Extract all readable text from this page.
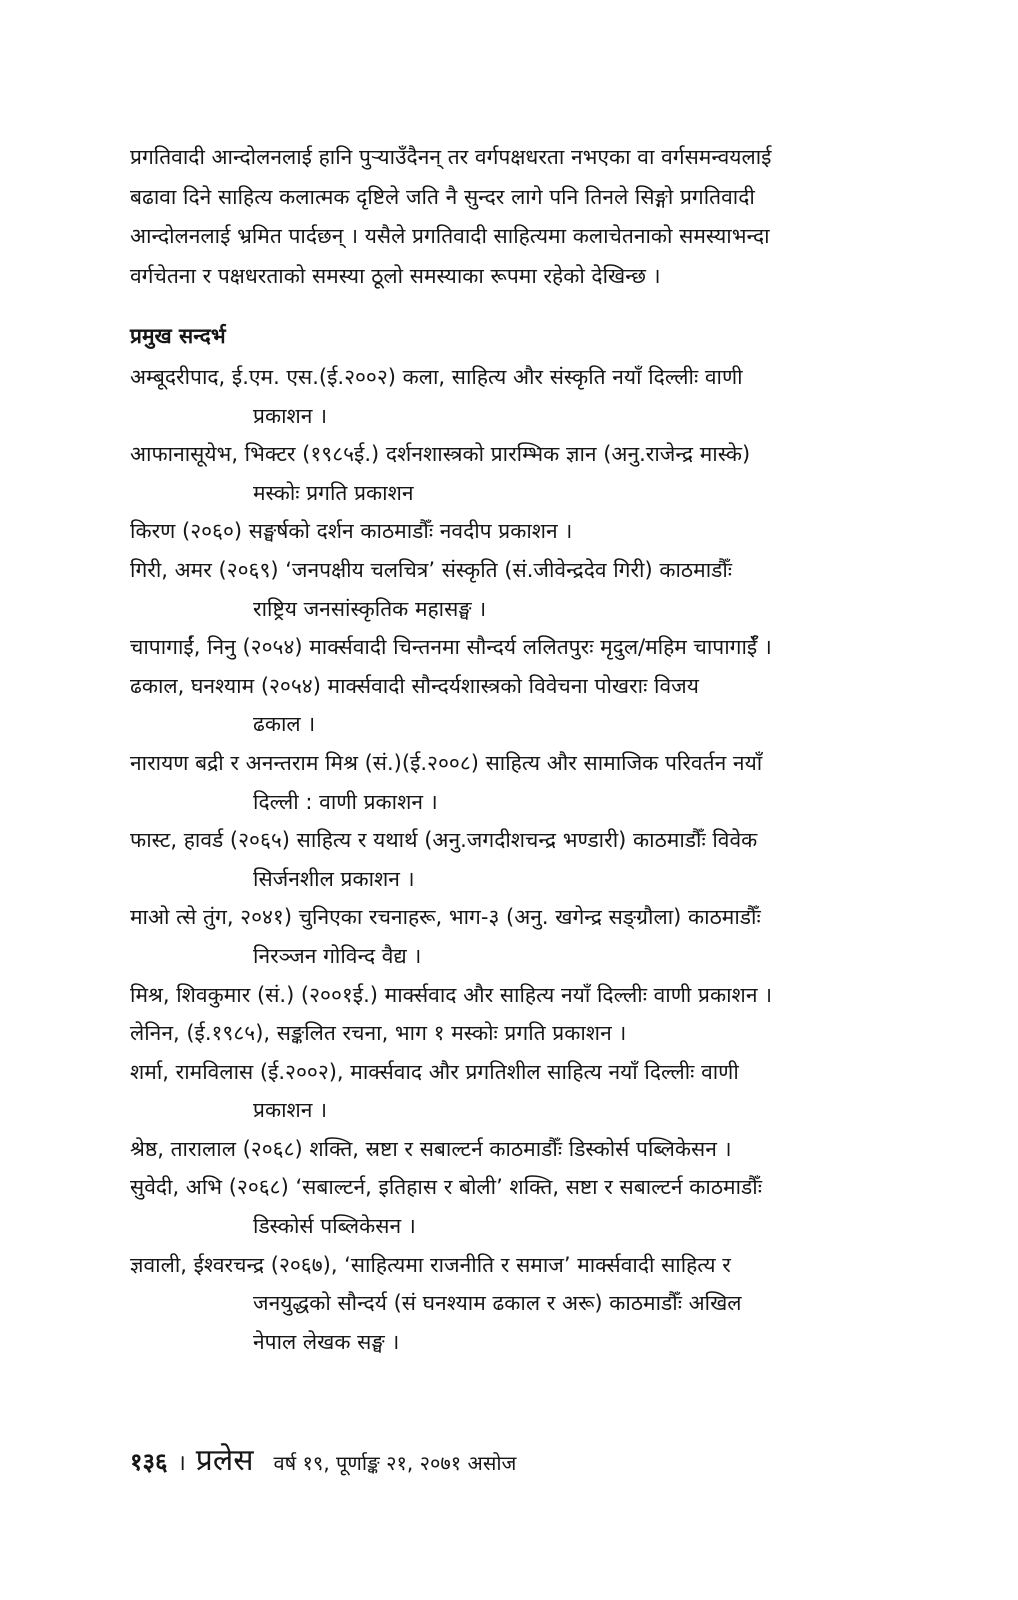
प्रगतिवादी आन्दोलनलाई हानि पुऱ्याउँदैनन् तर वर्गपक्षधरता नभएका वा वर्गसमन्वयलाई
बढावा दिने साहित्य कलात्मक दृष्टिले जति नै सुन्दर लागे पनि तिनले सिङ्गो प्रगतिवादी
आन्दोलनलाई भ्रमित पार्दछन् । यसैले प्रगतिवादी साहित्यमा कलाचेतनाको समस्याभन्दा
वर्गचेतना र पक्षधरताको समस्या ठूलो समस्याका रूपमा रहेको देखिन्छ ।
प्रमुख सन्दर्भ
अम्बूदरीपाद, ई.एम. एस.(ई.२००२) कला, साहित्य और संस्कृति नयाँ दिल्लीः वाणी
प्रकाशन ।
आफानासूयेभ, भिक्टर (१९८५ई.) दर्शनशास्त्रको प्रारम्भिक ज्ञान (अनु.राजेन्द्र मास्के)
मस्कोः प्रगति प्रकाशन
किरण (२०६०) सङ्घर्षको दर्शन काठमाडौँः नवदीप प्रकाशन ।
गिरी, अमर (२०६९) ‘जनपक्षीय चलचित्र’ संस्कृति (सं.जीवेन्द्रदेव गिरी) काठमाडौँः
राष्ट्रिय जनसांस्कृतिक महासङ्घ ।
चापागाईं, निनु (२०५४) मार्क्सवादी चिन्तनमा सौन्दर्य ललितपुरः मृदुल/महिम चापागाईँ ।
ढकाल, घनश्याम (२०५४) मार्क्सवादी सौन्दर्यशास्त्रको विवेचना पोखराः विजय
ढकाल ।
नारायण बद्री र अनन्तराम मिश्र (सं.)(ई.२००८) साहित्य और सामाजिक परिवर्तन नयाँ
दिल्ली : वाणी प्रकाशन ।
फास्ट, हावर्ड (२०६५) साहित्य र यथार्थ (अनु.जगदीशचन्द्र भण्डारी) काठमाडौँः विवेक
सिर्जनशील प्रकाशन ।
माओ त्से तुंग, २०४१) चुनिएका रचनाहरू, भाग-३ (अनु. खगेन्द्र सङ्ग्रौला) काठमाडौँः
निरञ्जन गोविन्द वैद्य ।
मिश्र, शिवकुमार (सं.) (२००१ई.) मार्क्सवाद और साहित्य नयाँ दिल्लीः वाणी प्रकाशन ।
लेनिन, (ई.१९८५), सङ्कलित रचना, भाग १ मस्कोः प्रगति प्रकाशन ।
शर्मा, रामविलास (ई.२००२), मार्क्सवाद और प्रगतिशील साहित्य नयाँ दिल्लीः वाणी
प्रकाशन ।
श्रेष्ठ, तारालाल (२०६८) शक्ति, स्रष्टा र सबाल्टर्न काठमाडौँः डिस्कोर्स पब्लिकेसन ।
सुवेदी, अभि (२०६८) ‘सबाल्टर्न, इतिहास र बोली’ शक्ति, सष्टा र सबाल्टर्न काठमाडौँः
डिस्कोर्स पब्लिकेसन ।
ज्ञवाली, ईश्वरचन्द्र (२०६७), ‘साहित्यमा राजनीति र समाज’ मार्क्सवादी साहित्य र
जनयुद्धको सौन्दर्य (सं घनश्याम ढकाल र अरू) काठमाडौँः अखिल
नेपाल लेखक सङ्घ ।
१३६ । प्रलेस वर्ष १९, पूर्णाङ्क २१, २०७१ असोज
